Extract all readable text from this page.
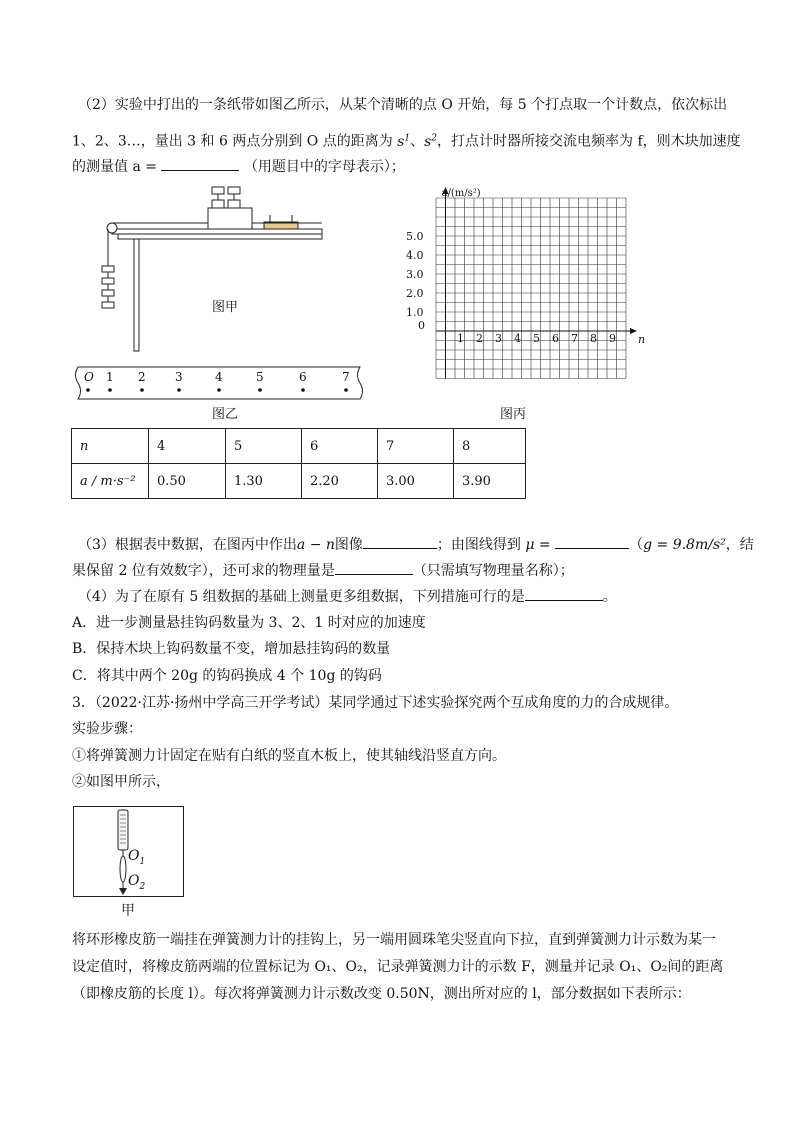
（2）实验中打出的一条纸带如图乙所示，从某个清晰的点 O 开始，每 5 个打点取一个计数点，依次标出
1、2、3…，量出 3 和 6 两点分别到 O 点的距离为 $s^1$、$s^2$，打点计时器所接交流电频率为 f，则木块加速度
的测量值 a =	（用题目中的字母表示）；
图甲
O 1 2 3	4	5	6	7
图乙
a/(m/s²)
5.0
4.0
3.0
2.0
1.0
0
1 2 3 4 5 6 7 8 9 n
图丙
n	4	5	6	7	8
a / m·s⁻²	0.50	1.30	2.20	3.00	3.90
（3）根据表中数据，在图丙中作出a − n图像	；由图线得到 μ =	（g = 9.8m/s²，结
果保留 2 位有效数字），还可求的物理量是	（只需填写物理量名称）；
（4）为了在原有 5 组数据的基础上测量更多组数据，下列措施可行的是	。
A．进一步测量悬挂钩码数量为 3、2、1 时对应的加速度
B．保持木块上钩码数量不变，增加悬挂钩码的数量
C．将其中两个 20g 的钩码换成 4 个 10g 的钩码
3．（2022·江苏·扬州中学高三开学考试）某同学通过下述实验探究两个互成角度的力的合成规律。
实验步骤：
①将弹簧测力计固定在贴有白纸的竖直木板上，使其轴线沿竖直方向。
②如图甲所示，
$O_1$
$O_2$
甲
将环形橡皮筋一端挂在弹簧测力计的挂钩上，另一端用圆珠笔尖竖直向下拉，直到弹簧测力计示数为某一
设定值时，将橡皮筋两端的位置标记为 O₁、O₂，记录弹簧测力计的示数 F，测量并记录 O₁、O₂间的距离
（即橡皮筋的长度 l）。每次将弹簧测力计示数改变 0.50N，测出所对应的 l，部分数据如下表所示：
